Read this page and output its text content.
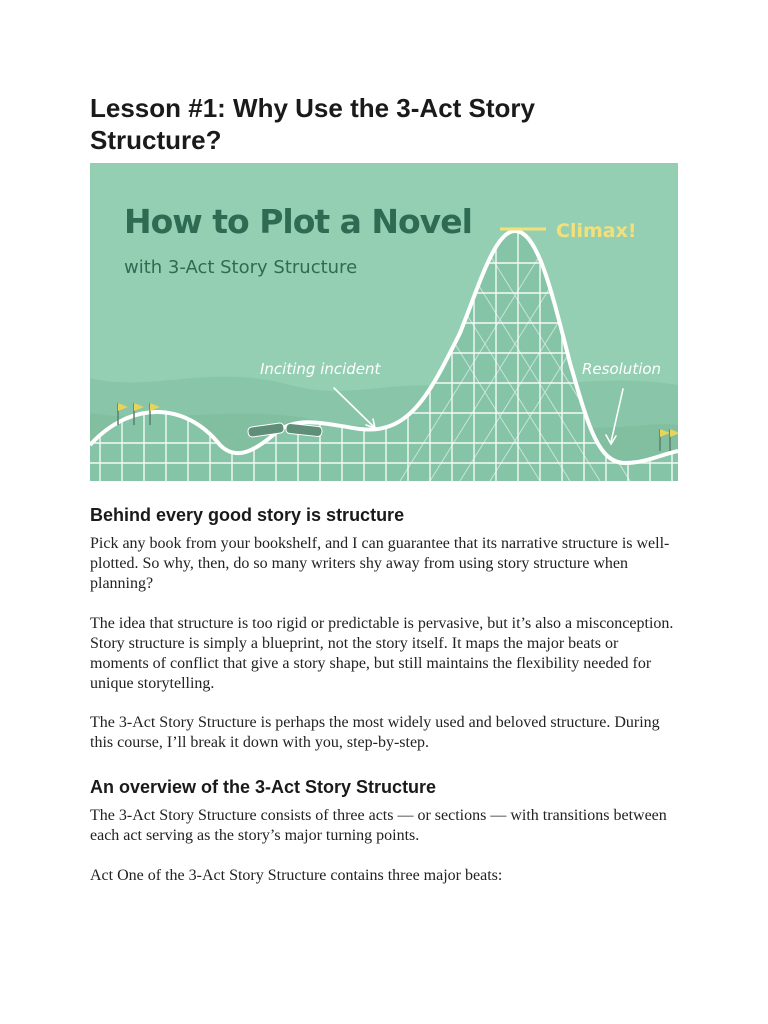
Lesson #1: Why Use the 3-Act Story Structure?
How to Plot a Novel
with 3-Act Story Structure
Climax!
Inciting incident	Resolution
Behind every good story is structure

Pick any book from your bookshelf, and I can guarantee that its narrative structure is well-plotted. So why, then, do so many writers shy away from using story structure when planning?

The idea that structure is too rigid or predictable is pervasive, but it’s also a misconception. Story structure is simply a blueprint, not the story itself. It maps the major beats or moments of conflict that give a story shape, but still maintains the flexibility needed for unique storytelling.

The 3-Act Story Structure is perhaps the most widely used and beloved structure. During this course, I’ll break it down with you, step-by-step.

An overview of the 3-Act Story Structure

The 3-Act Story Structure consists of three acts — or sections — with transitions between each act serving as the story’s major turning points.

Act One of the 3-Act Story Structure contains three major beats:
